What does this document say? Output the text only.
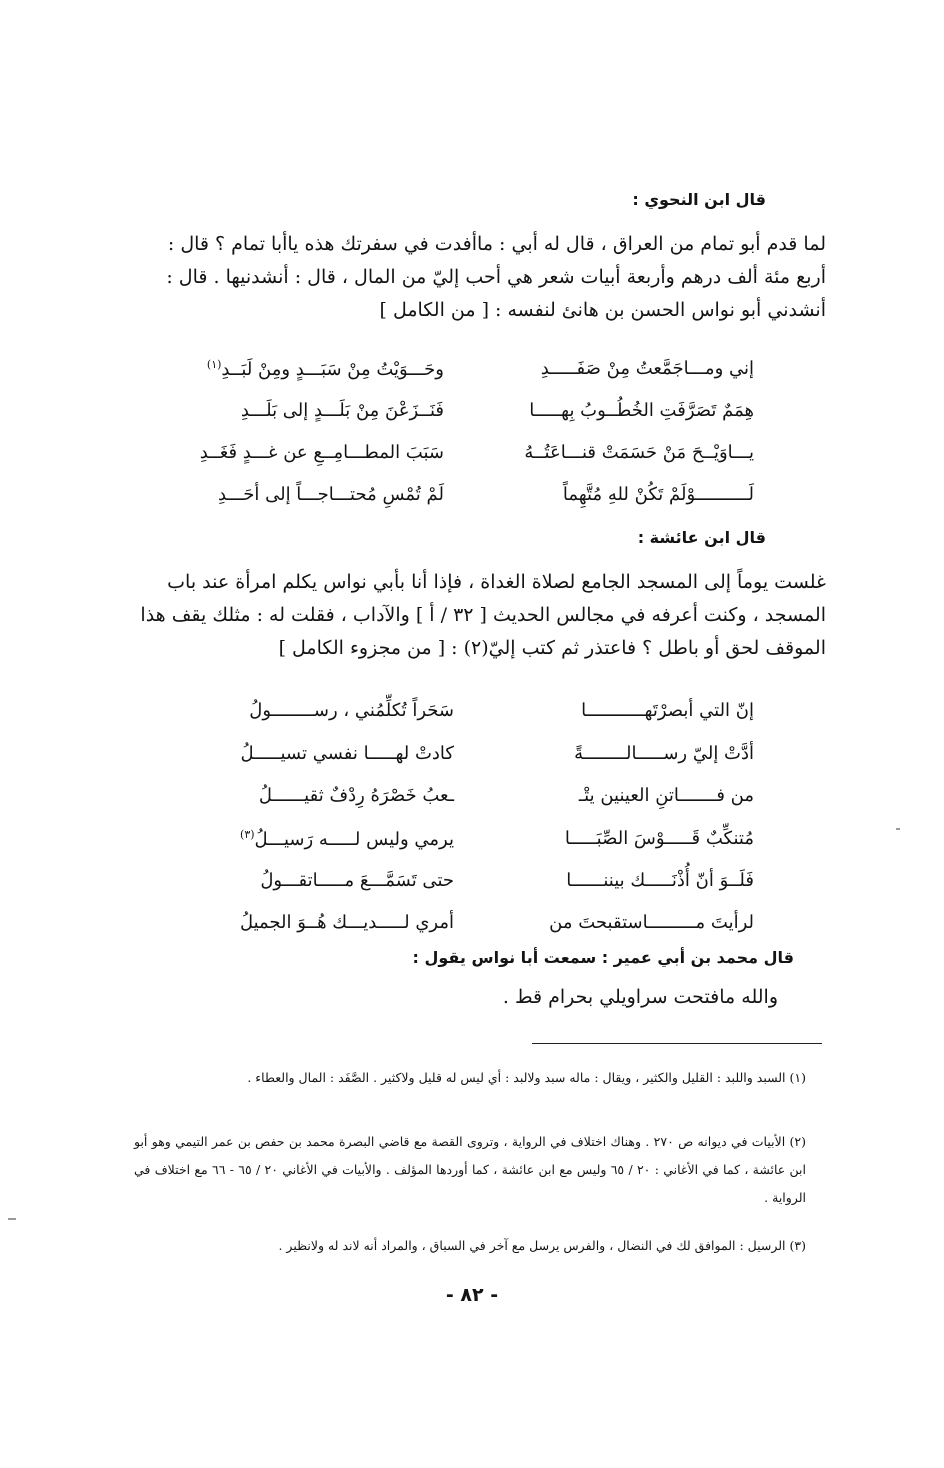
قال ابن النحوي :
لما قدم أبو تمام من العراق ، قال له أبي : ماأفدت في سفرتك هذه ياأبا تمام ؟ قال :
أربع مئة ألف درهم وأربعة أبيات شعر هي أحب إليّ من المال ، قال : أنشدنيها . قال :
أنشدني أبو نواس الحسن بن هانئ لنفسه : [ من الكامل ]
إني ومـــاجَمَّعتُ مِنْ صَفَـــــدِ
وحَـــوَيْتُ مِنْ سَبَـــدٍ ومِنْ لَبَــدِ$^{(١)}$
هِمَمٌ تَصَرَّفَتِ الخُطُــوبُ بِهـــــا
فَنَــزَعْنَ مِنْ بَلَـــدٍ إلى بَلَـــدِ
يـــاوَيْــحَ مَنْ حَسَمَتْ قنـــاعَتُــهُ
سَبَبَ المطـــامِــعِ عن غـــدٍ فَغَــدِ
لَــــــــــوْلَمْ تَكُنْ للهِ مُتَّهِماً
لَمْ تُمْسِ مُحتـــاجـــاً إلى أحَـــدِ
قال ابن عائشة :
غلست يوماً إلى المسجد الجامع لصلاة الغداة ، فإذا أنا بأبي نواس يكلم امرأة عند باب
المسجد ، وكنت أعرفه في مجالس الحديث [ ٣٢ / أ ] والآداب ، فقلت له : مثلك يقف هذا
الموقف لحق أو باطل ؟ فاعتذر ثم كتب إليّ(٢) : [ من مجزوء الكامل ]
إنّ التي أبصرْتَهـــــــــــا
سَحَراً تُكلِّمُني ، رســــــــولُ
أدَّتْ إليّ رســـــالــــــــةً
كادتْ لهـــــا نفسي تسيـــــلُ
من فـــــــاتنِ العينين يتْـ
ـعبُ خَصْرَهُ رِدْفٌ ثقيــــــلُ
مُتنكِّبٌ قَـــــوْسَ الصِّبَـــــا
يرمي وليس لـــــه رَسيـــلُ$^{(٣)}$
فَلَــوَ أنّ أُذْنَـــــك بيننــــــا
حتى تَسَمَّـــعَ مـــــاتقـــولُ
لرأيتَ مـــــــــاستقبحتَ من
أمري لـــــديـــك هُــوَ الجميلُ
قال محمد بن أبي عمير : سمعت أبا نواس يقول :
والله مافتحت سراويلي بحرام قط .
(١) السبد واللبد : القليل والكثير ، ويقال : ماله سبد ولالبد : أي ليس له قليل ولاكثير . الصَّفَد : المال والعطاء .
(٢) الأبيات في ديوانه ص ٢٧٠ . وهناك اختلاف في الرواية ، وتروى القصة مع قاضي البصرة محمد بن حفص بن عمر التيمي وهو أبو ابن عائشة ، كما في الأغاني : ٢٠ / ٦٥ وليس مع ابن عائشة ، كما أوردها المؤلف . والأبيات في الأغاني ٢٠ / ٦٥ - ٦٦ مع اختلاف في الرواية .
(٣) الرسيل : الموافق لك في النضال ، والفرس يرسل مع آخر في السباق ، والمراد أنه لاند له ولانظير .
- ٨٢ -
